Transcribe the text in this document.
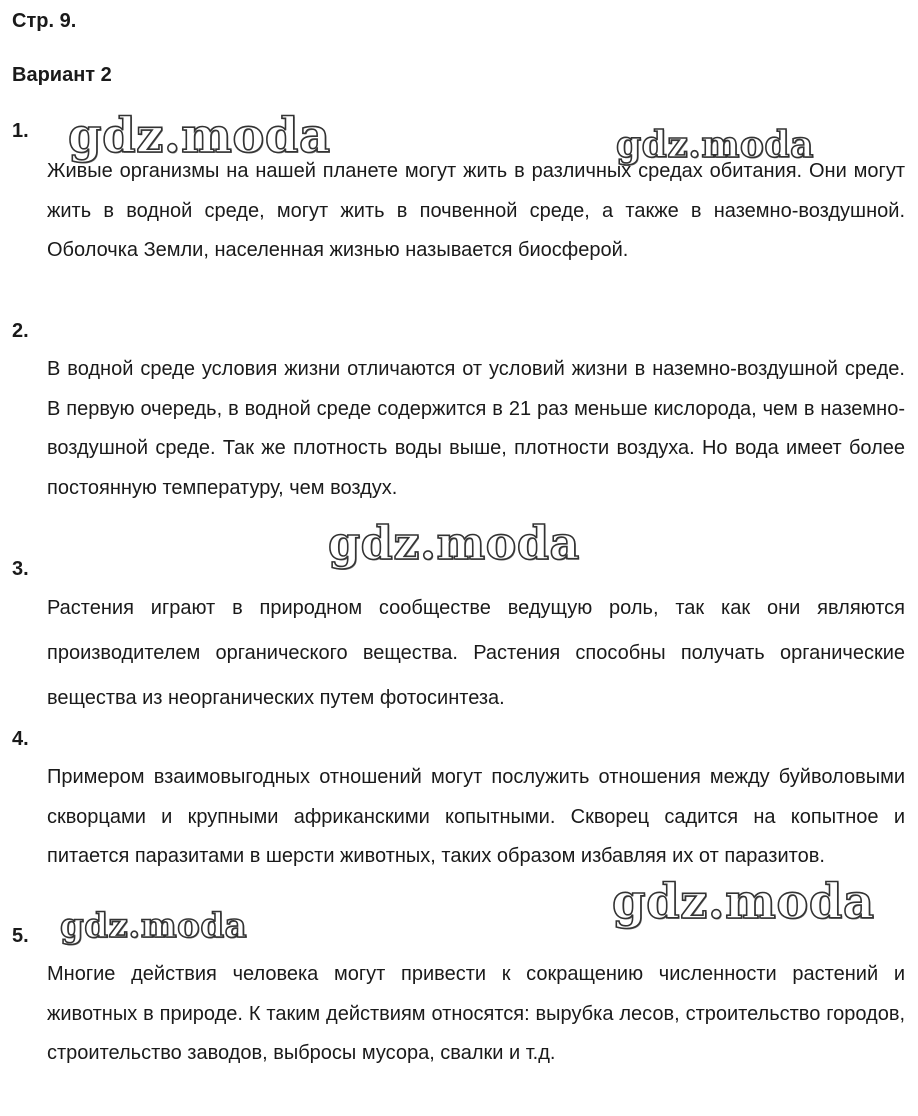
Стр. 9.
Вариант 2
1.
Живые организмы на нашей планете могут жить в различных средах обитания. Они могут жить в водной среде, могут жить в почвенной среде, а также в наземно-воздушной. Оболочка Земли, населенная жизнью называется биосферой.
2.
В водной среде условия жизни отличаются от условий жизни в наземно-воздушной среде. В первую очередь, в водной среде содержится в 21 раз меньше кислорода, чем в наземно-воздушной среде. Так же плотность воды выше, плотности воздуха. Но вода имеет более постоянную температуру, чем воздух.
3.
Растения играют в природном сообществе ведущую роль, так как они являются производителем органического вещества. Растения способны получать органические вещества из неорганических путем фотосинтеза.
4.
Примером взаимовыгодных отношений могут послужить отношения между буйволовыми скворцами и крупными африканскими копытными. Скворец садится на копытное и питается паразитами в шерсти животных, таких образом избавляя их от паразитов.
5.
Многие действия человека могут привести к сокращению численности растений и животных в природе. К таким действиям относятся: вырубка лесов, строительство городов, строительство заводов, выбросы мусора, свалки и т.д.
gdz.moda	gdz.moda
gdz.moda
gdz.moda
gdz.moda
